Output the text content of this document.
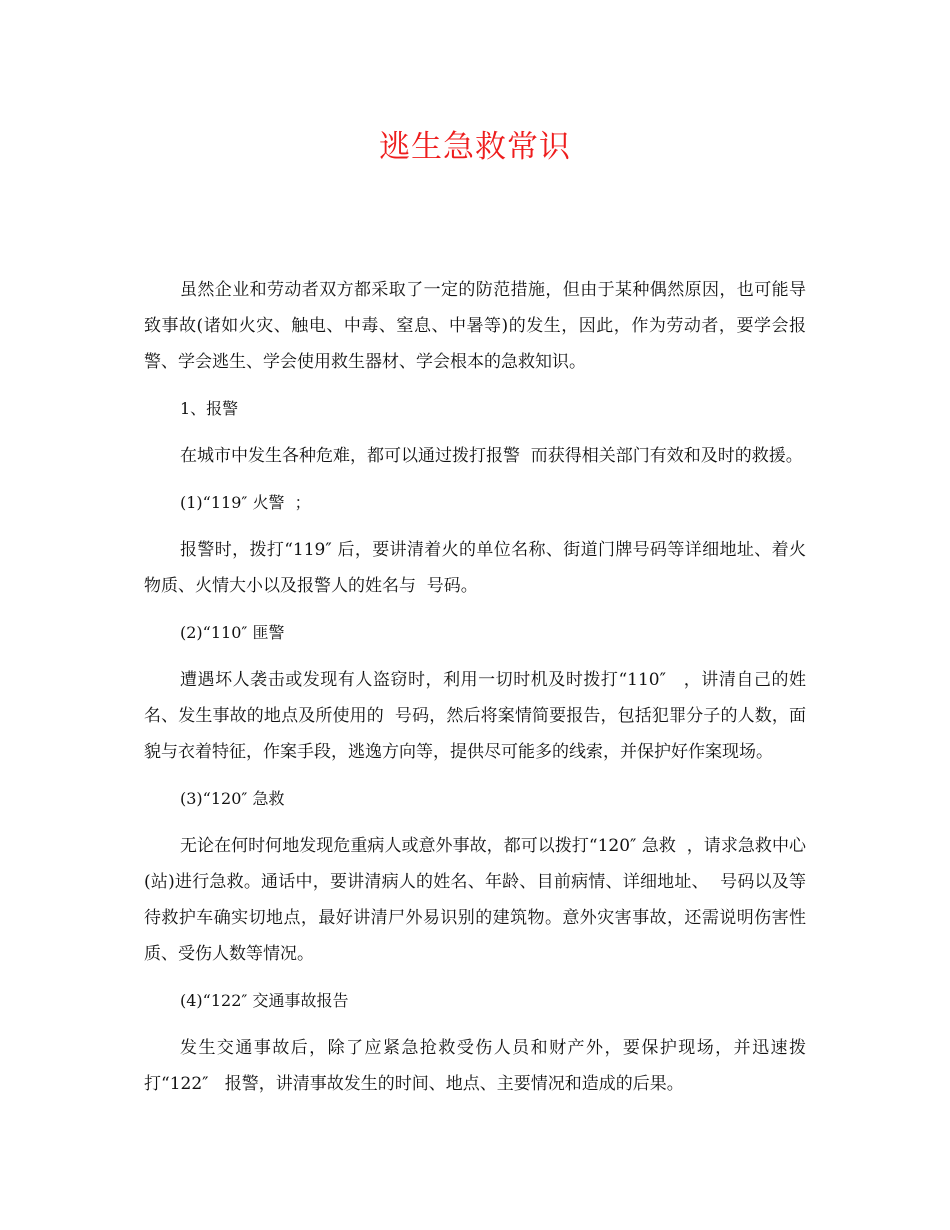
逃生急救常识

虽然企业和劳动者双方都采取了一定的防范措施，但由于某种偶然原因，也可能导致事故(诸如火灾、触电、中毒、窒息、中暑等)的发生，因此，作为劳动者，要学会报警、学会逃生、学会使用救生器材、学会根本的急救知识。

1、报警

在城市中发生各种危难，都可以通过拨打报警  而获得相关部门有效和及时的救援。

(1)“119″ 火警  ；

报警时，拨打“119″ 后，要讲清着火的单位名称、街道门牌号码等详细地址、着火物质、火情大小以及报警人的姓名与  号码。

(2)“110″ 匪警

遭遇坏人袭击或发现有人盗窃时，利用一切时机及时拨打“110″   ，讲清自己的姓名、发生事故的地点及所使用的  号码，然后将案情简要报告，包括犯罪分子的人数，面貌与衣着特征，作案手段，逃逸方向等，提供尽可能多的线索，并保护好作案现场。

(3)“120″ 急救

无论在何时何地发现危重病人或意外事故，都可以拨打“120″ 急救  ，请求急救中心(站)进行急救。通话中，要讲清病人的姓名、年龄、目前病情、详细地址、  号码以及等待救护车确实切地点，最好讲清尸外易识别的建筑物。意外灾害事故，还需说明伤害性质、受伤人数等情况。

(4)“122″ 交通事故报告

发生交通事故后，除了应紧急抢救受伤人员和财产外，要保护现场，并迅速拨打“122″   报警，讲清事故发生的时间、地点、主要情况和造成的后果。
